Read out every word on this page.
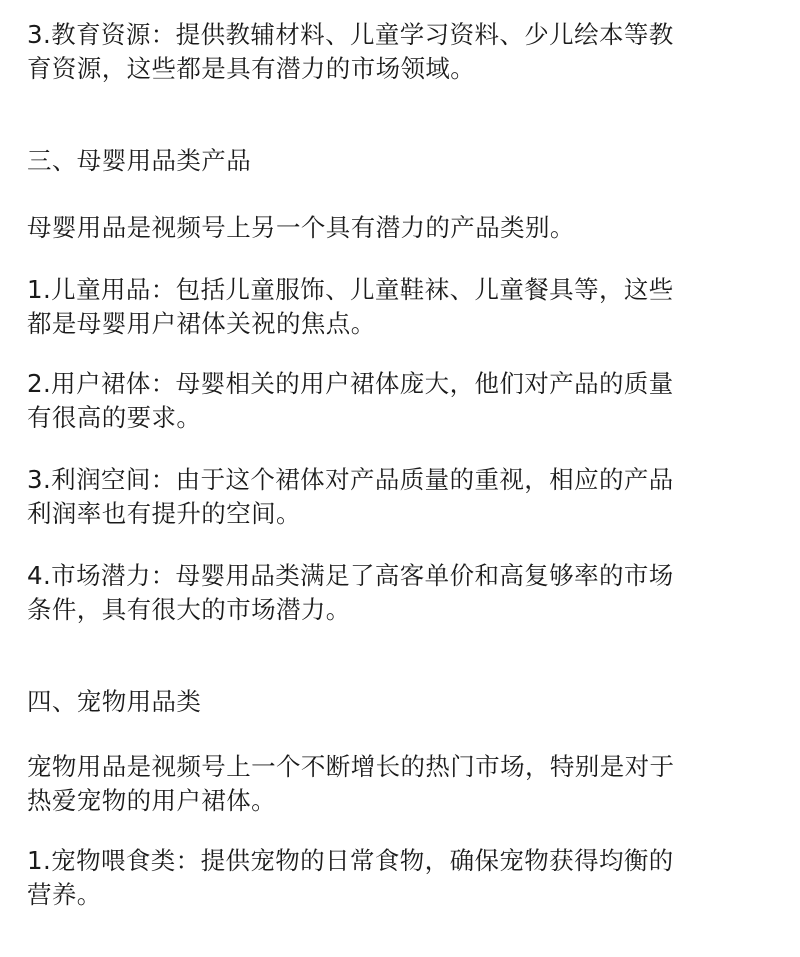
3.教育资源：提供教辅材料、儿童学习资料、少儿绘本等教
育资源，这些都是具有潜力的市场领域。
三、母婴用品类产品
母婴用品是视频号上另一个具有潜力的产品类别。
1.儿童用品：包括儿童服饰、儿童鞋袜、儿童餐具等，这些
都是母婴用户裙体关祝的焦点。
2.用户裙体：母婴相关的用户裙体庞大，他们对产品的质量
有很高的要求。
3.利润空间：由于这个裙体对产品质量的重视，相应的产品
利润率也有提升的空间。
4.市场潜力：母婴用品类满足了高客单价和高复够率的市场
条件，具有很大的市场潜力。
四、宠物用品类
宠物用品是视频号上一个不断增长的热门市场，特别是对于
热爱宠物的用户裙体。
1.宠物喂食类：提供宠物的日常食物，确保宠物获得均衡的
营养。
